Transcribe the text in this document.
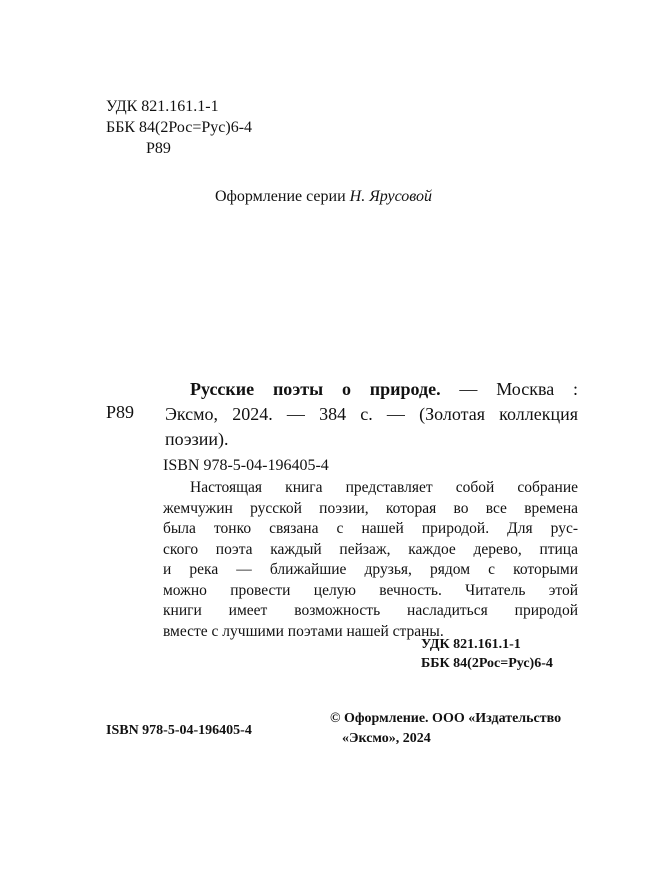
УДК 821.161.1-1
ББК 84(2Рос=Рус)6-4
Р89
Оформление серии Н. Ярусовой
Р89
Русские поэты о природе. — Москва :
Эксмо, 2024. — 384 с. — (Золотая коллекция
поэзии).
ISBN 978-5-04-196405-4
Настоящая книга представляет собой собрание
жемчужин русской поэзии, которая во все времена
была тонко связана с нашей природой. Для рус-
ского поэта каждый пейзаж, каждое дерево, птица
и река — ближайшие друзья, рядом с которыми
можно провести целую вечность. Читатель этой
книги имеет возможность насладиться природой
вместе с лучшими поэтами нашей страны.
УДК 821.161.1-1
ББК 84(2Рос=Рус)6-4
ISBN 978-5-04-196405-4
© Оформление. ООО «Издательство
«Эксмо», 2024
